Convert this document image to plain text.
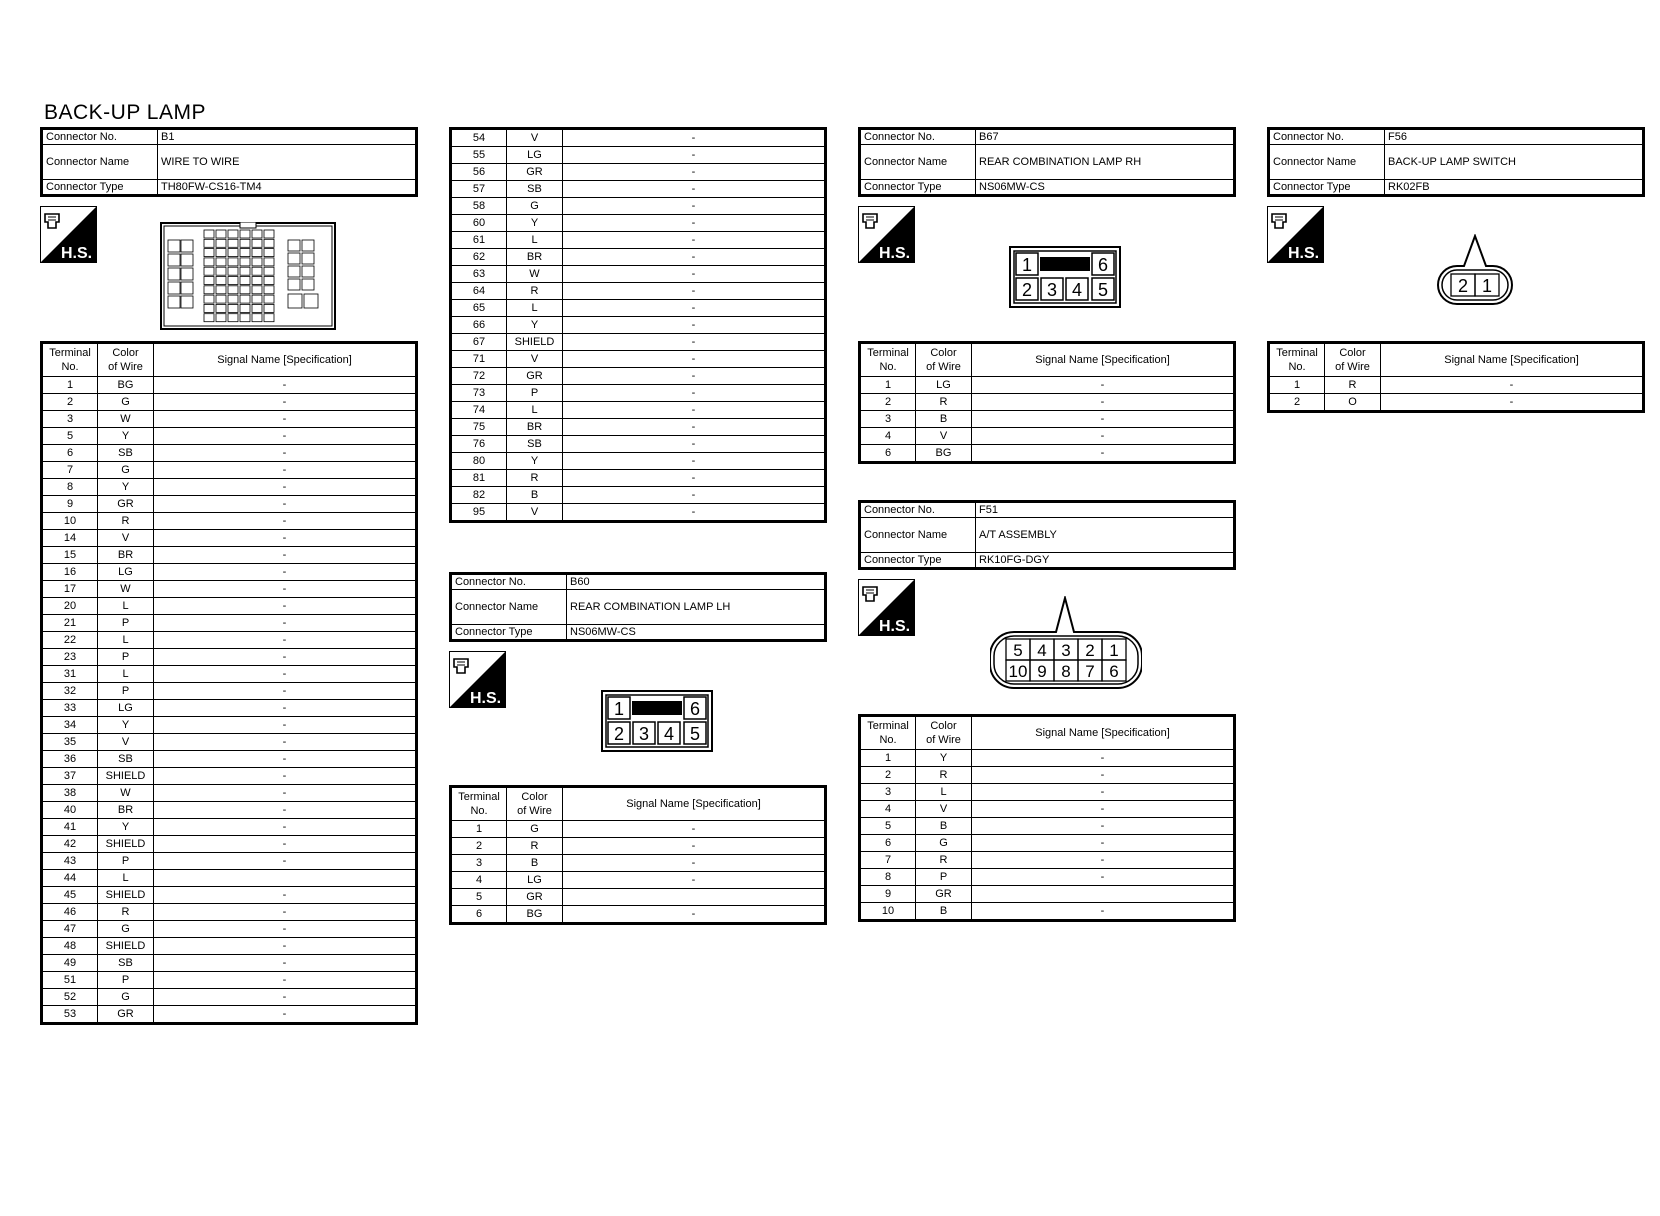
BACK-UP LAMP
Connector No.	B1
Connector Name	WIRE TO WIRE
Connector Type	TH80FW-CS16-TM4
H.S.
Terminal
No.	Color
of Wire	Signal Name [Specification]
1	BG	-
2	G	-
3	W	-
5	Y	-
6	SB	-
7	G	-
8	Y	-
9	GR	-
10	R	-
14	V	-
15	BR	-
16	LG	-
17	W	-
20	L	-
21	P	-
22	L	-
23	P	-
31	L	-
32	P	-
33	LG	-
34	Y	-
35	V	-
36	SB	-
37	SHIELD	-
38	W	-
40	BR	-
41	Y	-
42	SHIELD	-
43	P	-
44	L	
45	SHIELD	-
46	R	-
47	G	-
48	SHIELD	-
49	SB	-
51	P	-
52	G	-
53	GR	-
54	V	-
55	LG	-
56	GR	-
57	SB	-
58	G	-
60	Y	-
61	L	-
62	BR	-
63	W	-
64	R	-
65	L	-
66	Y	-
67	SHIELD	-
71	V	-
72	GR	-
73	P	-
74	L	-
75	BR	-
76	SB	-
80	Y	-
81	R	-
82	B	-
95	V	-
Connector No.	B60
Connector Name	REAR COMBINATION LAMP LH
Connector Type	NS06MW-CS
H.S.
1	6
2 3 4 5
Terminal
No.	Color
of Wire	Signal Name [Specification]
1	G	-
2	R	-
3	B	-
4	LG	-
5	GR	
6	BG	-
Connector No.	B67
Connector Name	REAR COMBINATION LAMP RH
Connector Type	NS06MW-CS
H.S.
1	6
2 3 4 5
Terminal
No.	Color
of Wire	Signal Name [Specification]
1	LG	-
2	R	-
3	B	-
4	V	-
6	BG	-
Connector No.	F51
Connector Name	A/T ASSEMBLY
Connector Type	RK10FG-DGY
H.S.
5 4 3 2 1
10 9 8 7 6
Terminal
No.	Color
of Wire	Signal Name [Specification]
1	Y	-
2	R	-
3	L	-
4	V	-
5	B	-
6	G	-
7	R	-
8	P	-
9	GR	
10	B	-
Connector No.	F56
Connector Name	BACK-UP LAMP SWITCH
Connector Type	RK02FB
H.S.
2 1
Terminal
No.	Color
of Wire	Signal Name [Specification]
1	R	-
2	O	-
